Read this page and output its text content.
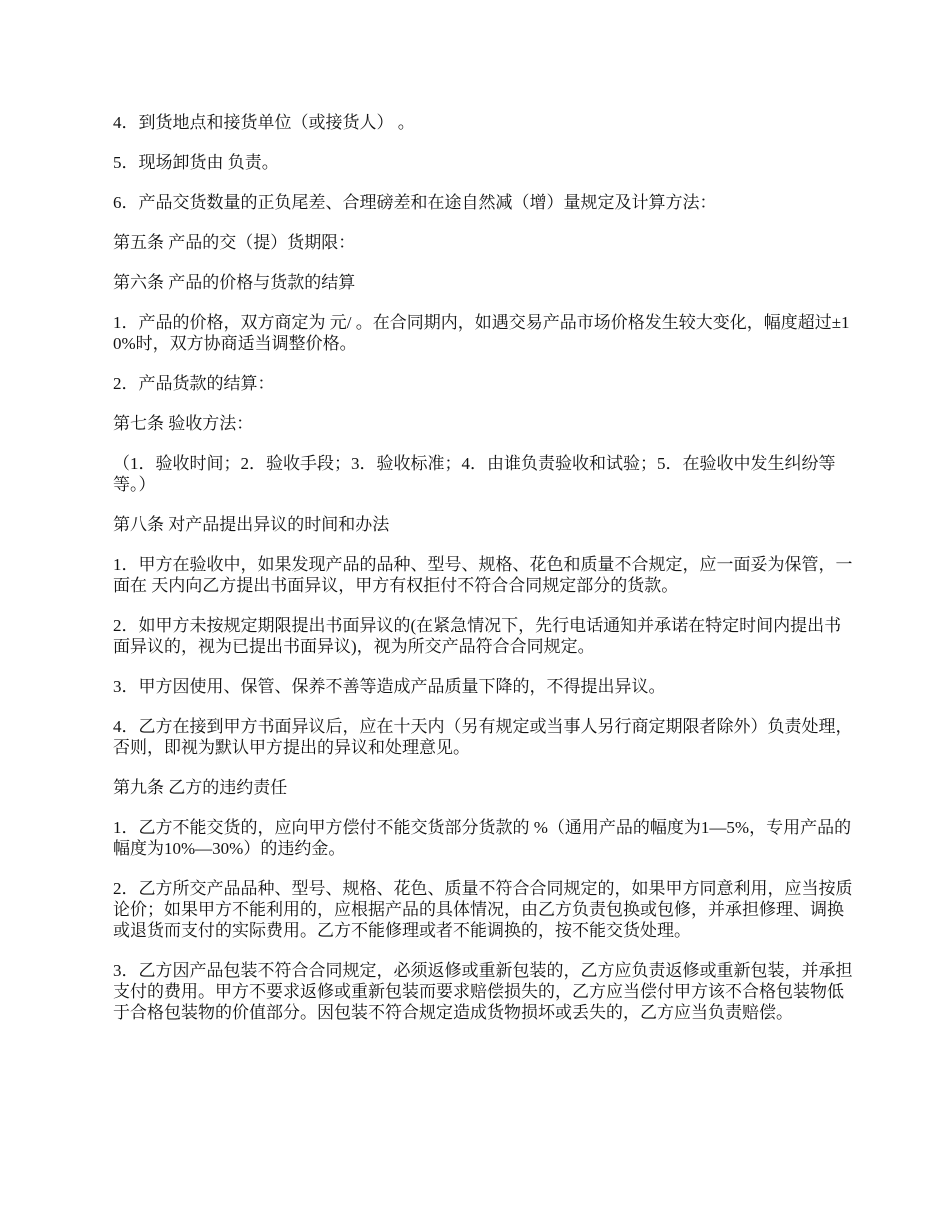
4．到货地点和接货单位（或接货人） 。

5．现场卸货由 负责。

6．产品交货数量的正负尾差、合理磅差和在途自然减（增）量规定及计算方法：

第五条 产品的交（提）货期限：

第六条 产品的价格与货款的结算

1．产品的价格，双方商定为 元/ 。在合同期内，如遇交易产品市场价格发生较大变化，幅度超过±10%时，双方协商适当调整价格。

2．产品货款的结算：

第七条 验收方法：

（1．验收时间；2．验收手段；3．验收标准；4．由谁负责验收和试验；5．在验收中发生纠纷等等。）

第八条 对产品提出异议的时间和办法

1．甲方在验收中，如果发现产品的品种、型号、规格、花色和质量不合规定，应一面妥为保管，一面在 天内向乙方提出书面异议，甲方有权拒付不符合合同规定部分的货款。

2．如甲方未按规定期限提出书面异议的(在紧急情况下，先行电话通知并承诺在特定时间内提出书面异议的，视为已提出书面异议)，视为所交产品符合合同规定。

3．甲方因使用、保管、保养不善等造成产品质量下降的，不得提出异议。

4．乙方在接到甲方书面异议后，应在十天内（另有规定或当事人另行商定期限者除外）负责处理，否则，即视为默认甲方提出的异议和处理意见。

第九条 乙方的违约责任

1．乙方不能交货的，应向甲方偿付不能交货部分货款的 %（通用产品的幅度为1—5%，专用产品的幅度为10%—30%）的违约金。

2．乙方所交产品品种、型号、规格、花色、质量不符合合同规定的，如果甲方同意利用，应当按质论价；如果甲方不能利用的，应根据产品的具体情况，由乙方负责包换或包修，并承担修理、调换或退货而支付的实际费用。乙方不能修理或者不能调换的，按不能交货处理。

3．乙方因产品包装不符合合同规定，必须返修或重新包装的，乙方应负责返修或重新包装，并承担支付的费用。甲方不要求返修或重新包装而要求赔偿损失的，乙方应当偿付甲方该不合格包装物低于合格包装物的价值部分。因包装不符合规定造成货物损坏或丢失的，乙方应当负责赔偿。
